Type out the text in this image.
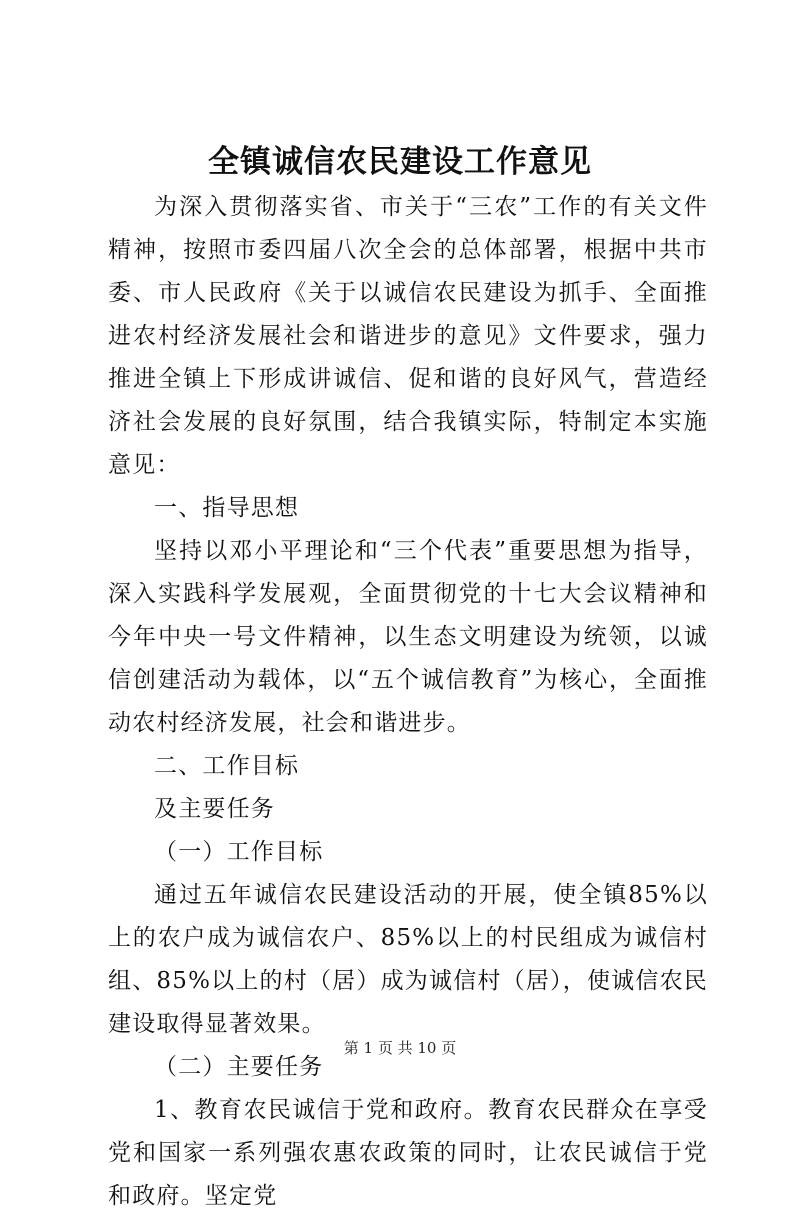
全镇诚信农民建设工作意见

为深入贯彻落实省、市关于“三农”工作的有关文件精神，按照市委四届八次全会的总体部署，根据中共市委、市人民政府《关于以诚信农民建设为抓手、全面推进农村经济发展社会和谐进步的意见》文件要求，强力推进全镇上下形成讲诚信、促和谐的良好风气，营造经济社会发展的良好氛围，结合我镇实际，特制定本实施意见：

一、指导思想

坚持以邓小平理论和“三个代表”重要思想为指导，深入实践科学发展观，全面贯彻党的十七大会议精神和今年中央一号文件精神，以生态文明建设为统领，以诚信创建活动为载体，以“五个诚信教育”为核心，全面推动农村经济发展，社会和谐进步。

二、工作目标

及主要任务

（一）工作目标

通过五年诚信农民建设活动的开展，使全镇85%以上的农户成为诚信农户、85%以上的村民组成为诚信村组、85%以上的村（居）成为诚信村（居），使诚信农民建设取得显著效果。

（二）主要任务

1、教育农民诚信于党和政府。教育农民群众在享受党和国家一系列强农惠农政策的同时，让农民诚信于党和政府。坚定党

第 1 页 共 10 页
